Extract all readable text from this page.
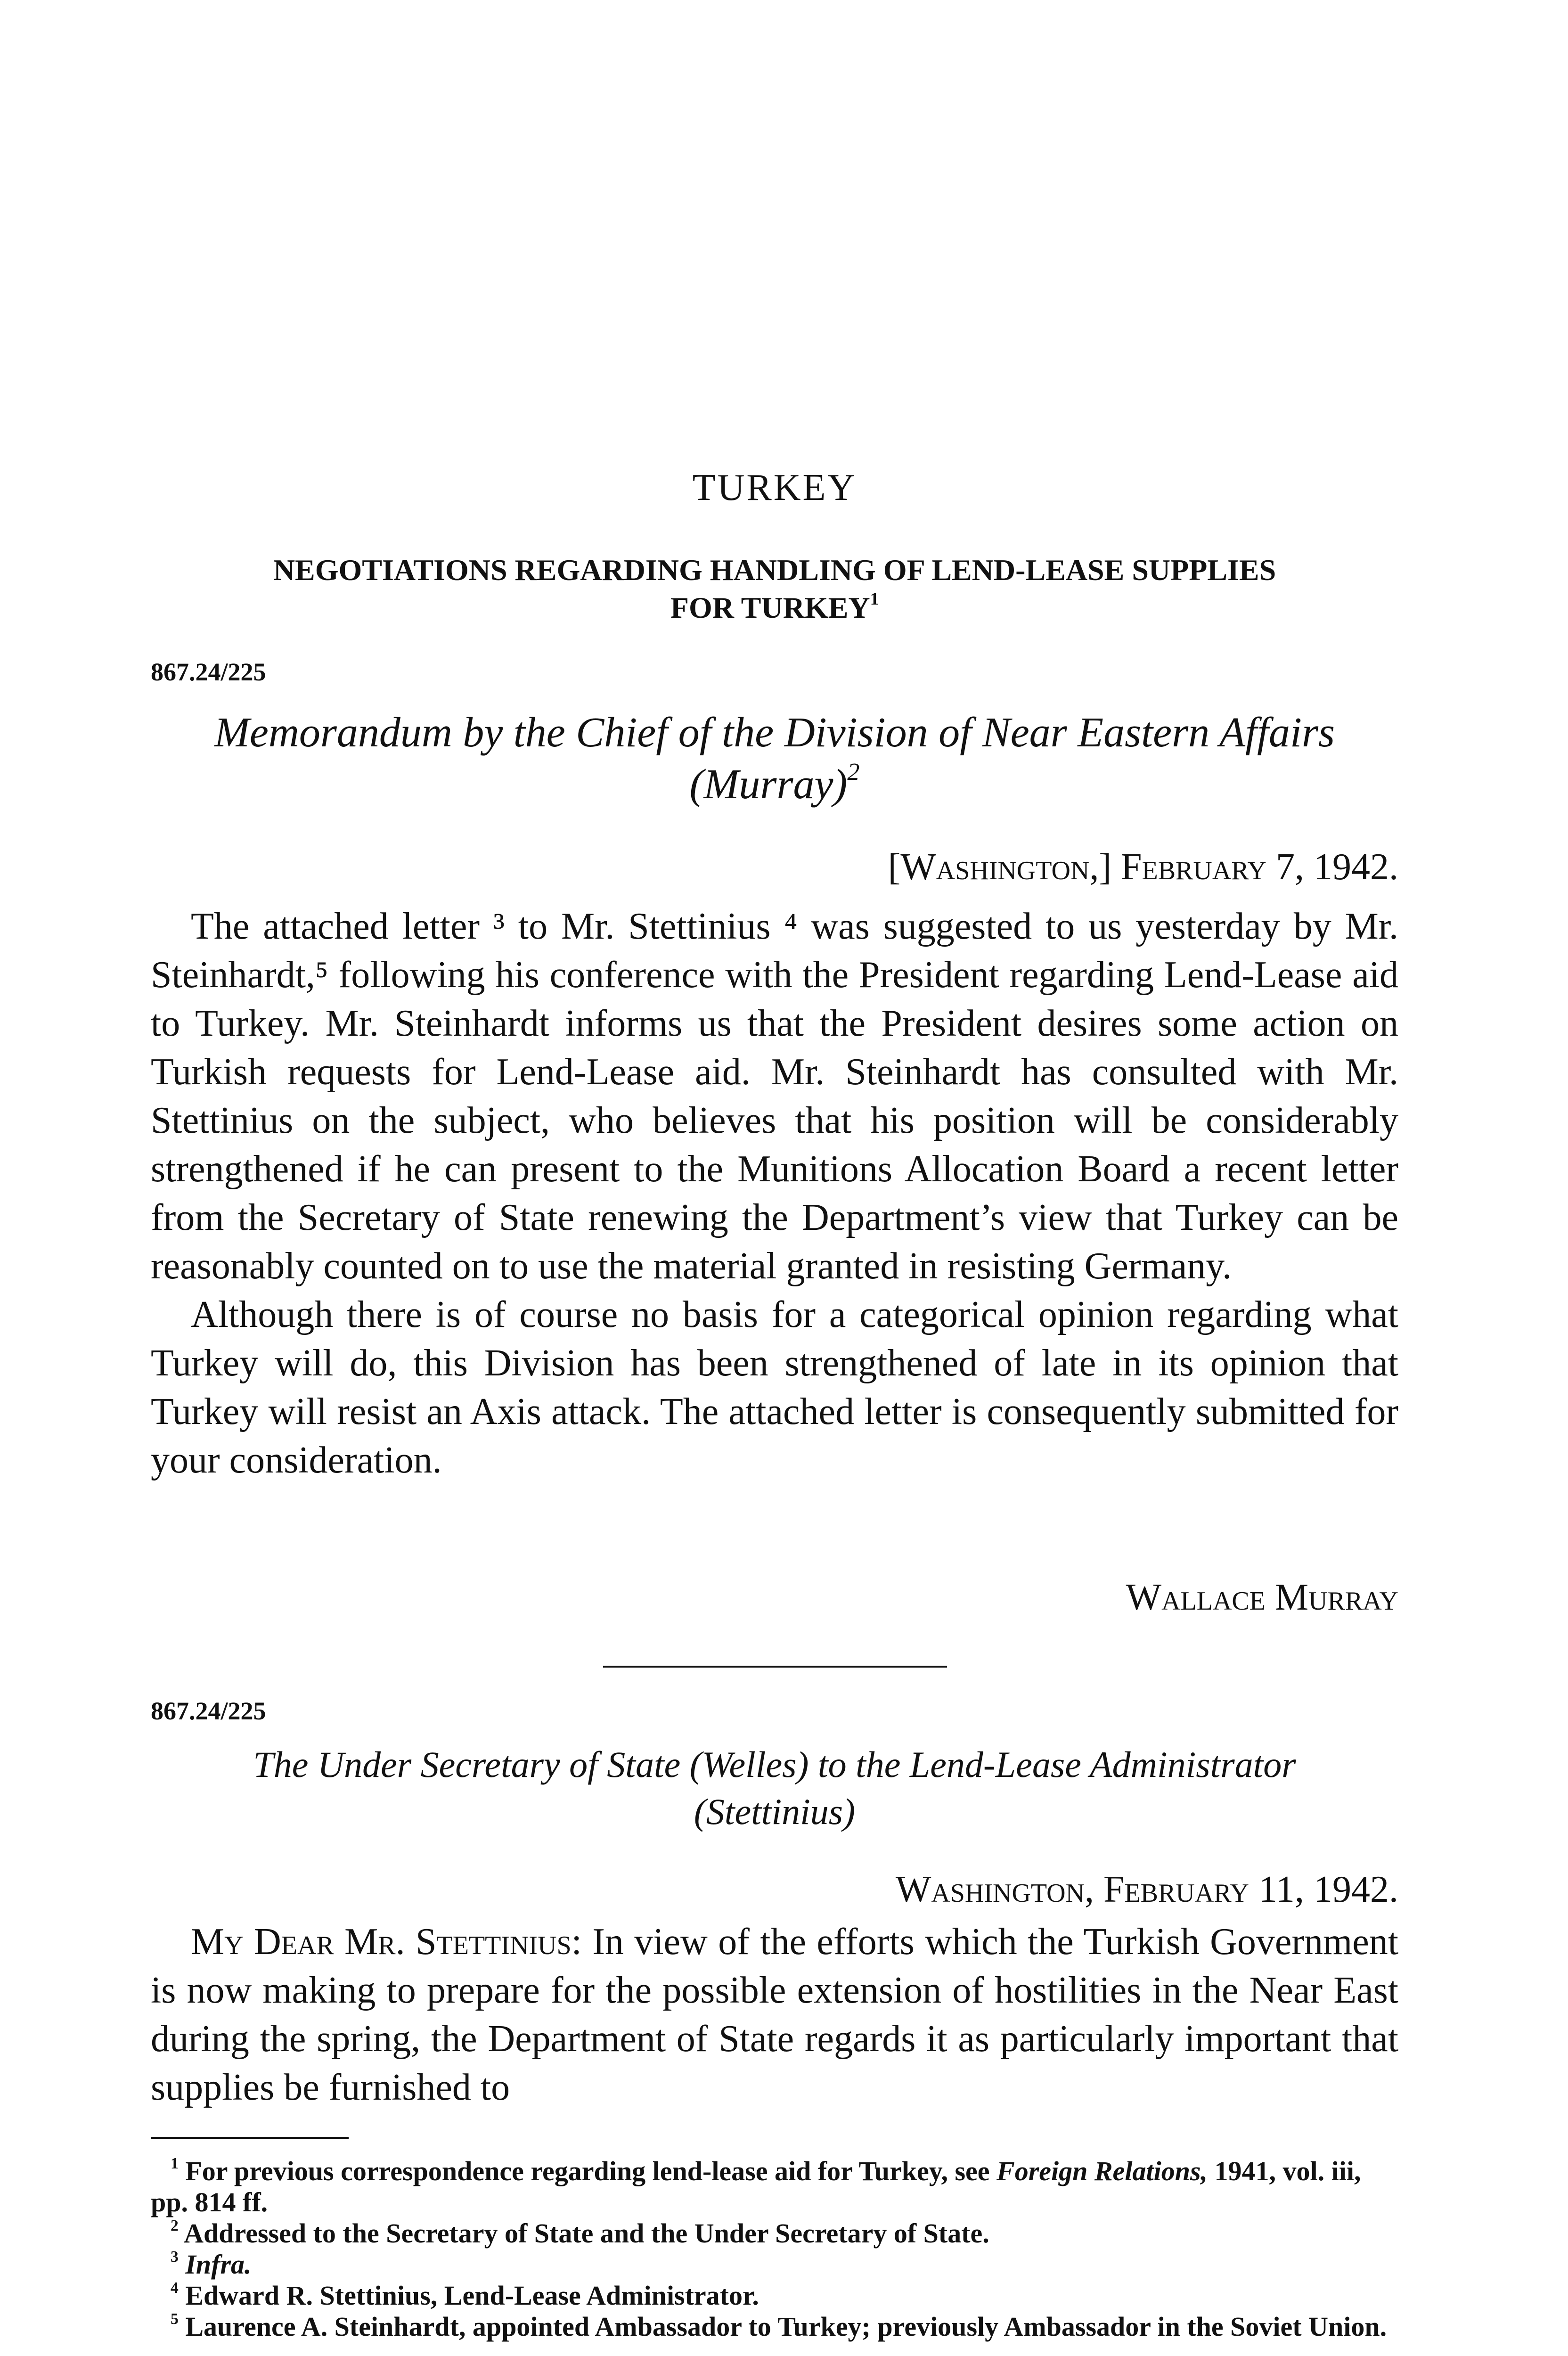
TURKEY
NEGOTIATIONS REGARDING HANDLING OF LEND-LEASE SUPPLIES
FOR TURKEY$^1$
867.24/225
Memorandum by the Chief of the Division of Near Eastern Affairs
(Murray)$^2$
[Washington,] February 7, 1942.

The attached letter ³ to Mr. Stettinius ⁴ was suggested to us yesterday by Mr. Steinhardt,⁵ following his conference with the President regarding Lend-Lease aid to Turkey. Mr. Steinhardt informs us that the President desires some action on Turkish requests for Lend-Lease aid. Mr. Steinhardt has consulted with Mr. Stettinius on the subject, who believes that his position will be considerably strengthened if he can present to the Munitions Allocation Board a recent letter from the Secretary of State renewing the Department’s view that Turkey can be reasonably counted on to use the material granted in resisting Germany.

Although there is of course no basis for a categorical opinion regarding what Turkey will do, this Division has been strengthened of late in its opinion that Turkey will resist an Axis attack. The attached letter is consequently submitted for your consideration.

Wallace Murray
867.24/225
The Under Secretary of State (Welles) to the Lend-Lease Administrator (Stettinius)
Washington, February 11, 1942.

My Dear Mr. Stettinius: In view of the efforts which the Turkish Government is now making to prepare for the possible extension of hostilities in the Near East during the spring, the Department of State regards it as particularly important that supplies be furnished to

$^1$ For previous correspondence regarding lend-lease aid for Turkey, see Foreign Relations, 1941, vol. iii, pp. 814 ff.

$^2$ Addressed to the Secretary of State and the Under Secretary of State.

$^3$ Infra.

$^4$ Edward R. Stettinius, Lend-Lease Administrator.

$^5$ Laurence A. Steinhardt, appointed Ambassador to Turkey; previously Ambassador in the Soviet Union.
